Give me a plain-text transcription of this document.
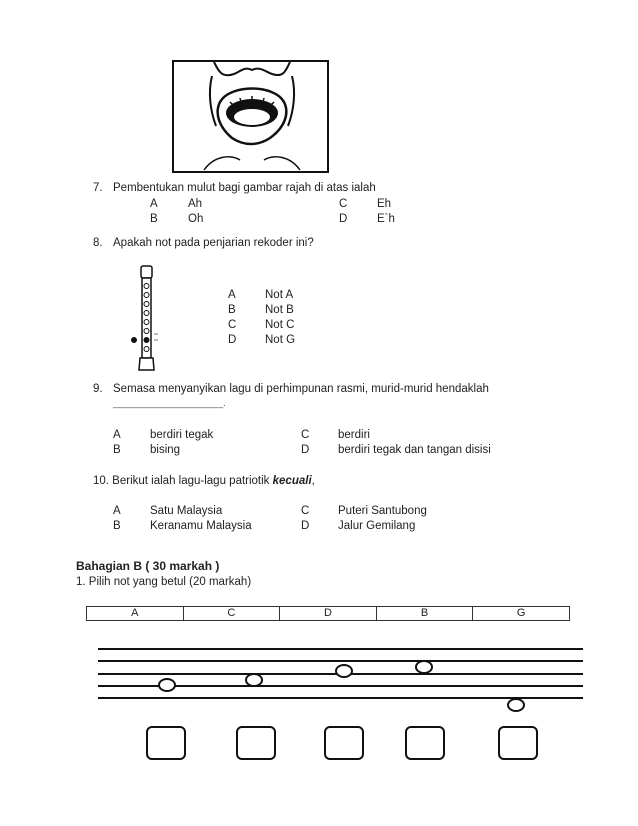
7. Pembentukan mulut bagi gambar rajah di atas ialah
A	Ah
B	Oh
C	Eh
D	E`h
8. Apakah not pada penjarian rekoder ini?
A	Not A
B	Not B
C Not C
D Not G
9. Semasa menyanyikan lagu di perhimpunan rasmi, murid-murid hendaklah
______________________.
A	berdiri tegak
B	bising
C berdiri
D berdiri tegak dan tangan disisi
10. Berikut ialah lagu-lagu patriotik kecuali,
A	Satu Malaysia
B	Keranamu Malaysia
C Puteri Santubong
D Jalur Gemilang
Bahagian B ( 30 markah )
1. Pilih not yang betul (20 markah)
A	C	D	B	G
